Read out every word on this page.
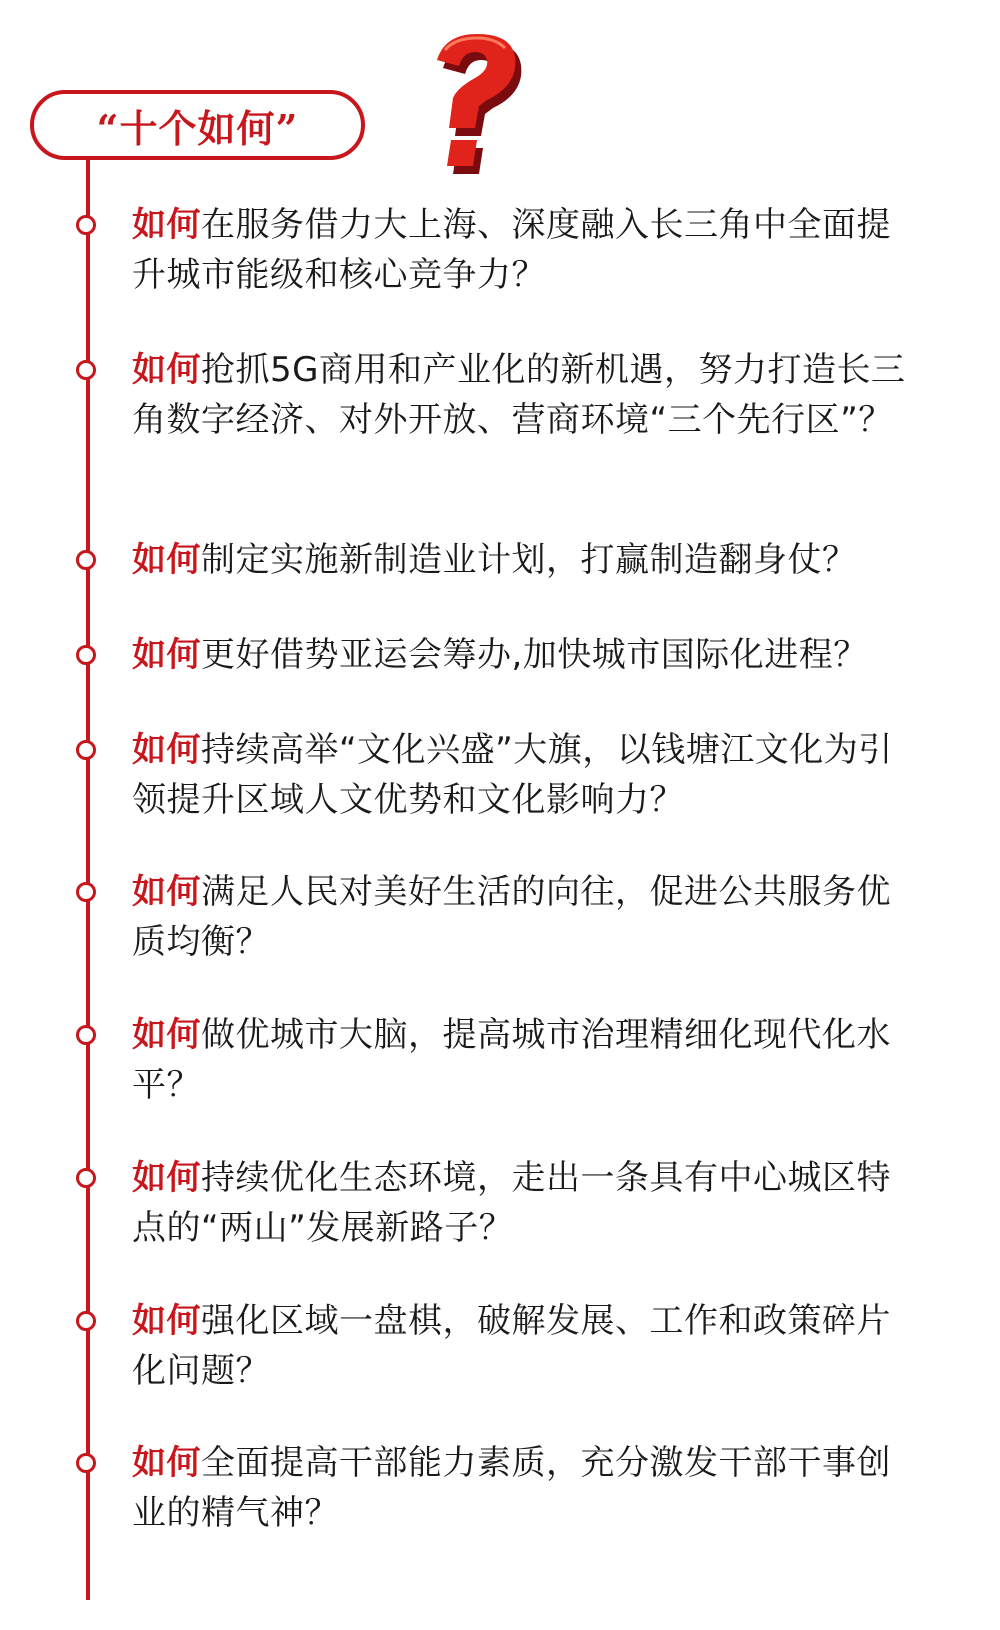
“十个如何”

如何在服务借力大上海、深度融入长三角中全面提升城市能级和核心竞争力？

如何抢抓5G商用和产业化的新机遇，努力打造长三角数字经济、对外开放、营商环境“三个先行区”？

如何制定实施新制造业计划，打赢制造翻身仗？

如何更好借势亚运会筹办,加快城市国际化进程？

如何持续高举“文化兴盛”大旗，以钱塘江文化为引领提升区域人文优势和文化影响力？

如何满足人民对美好生活的向往，促进公共服务优质均衡？

如何做优城市大脑，提高城市治理精细化现代化水平？

如何持续优化生态环境，走出一条具有中心城区特点的“两山”发展新路子？

如何强化区域一盘棋，破解发展、工作和政策碎片化问题？

如何全面提高干部能力素质，充分激发干部干事创业的精气神？
